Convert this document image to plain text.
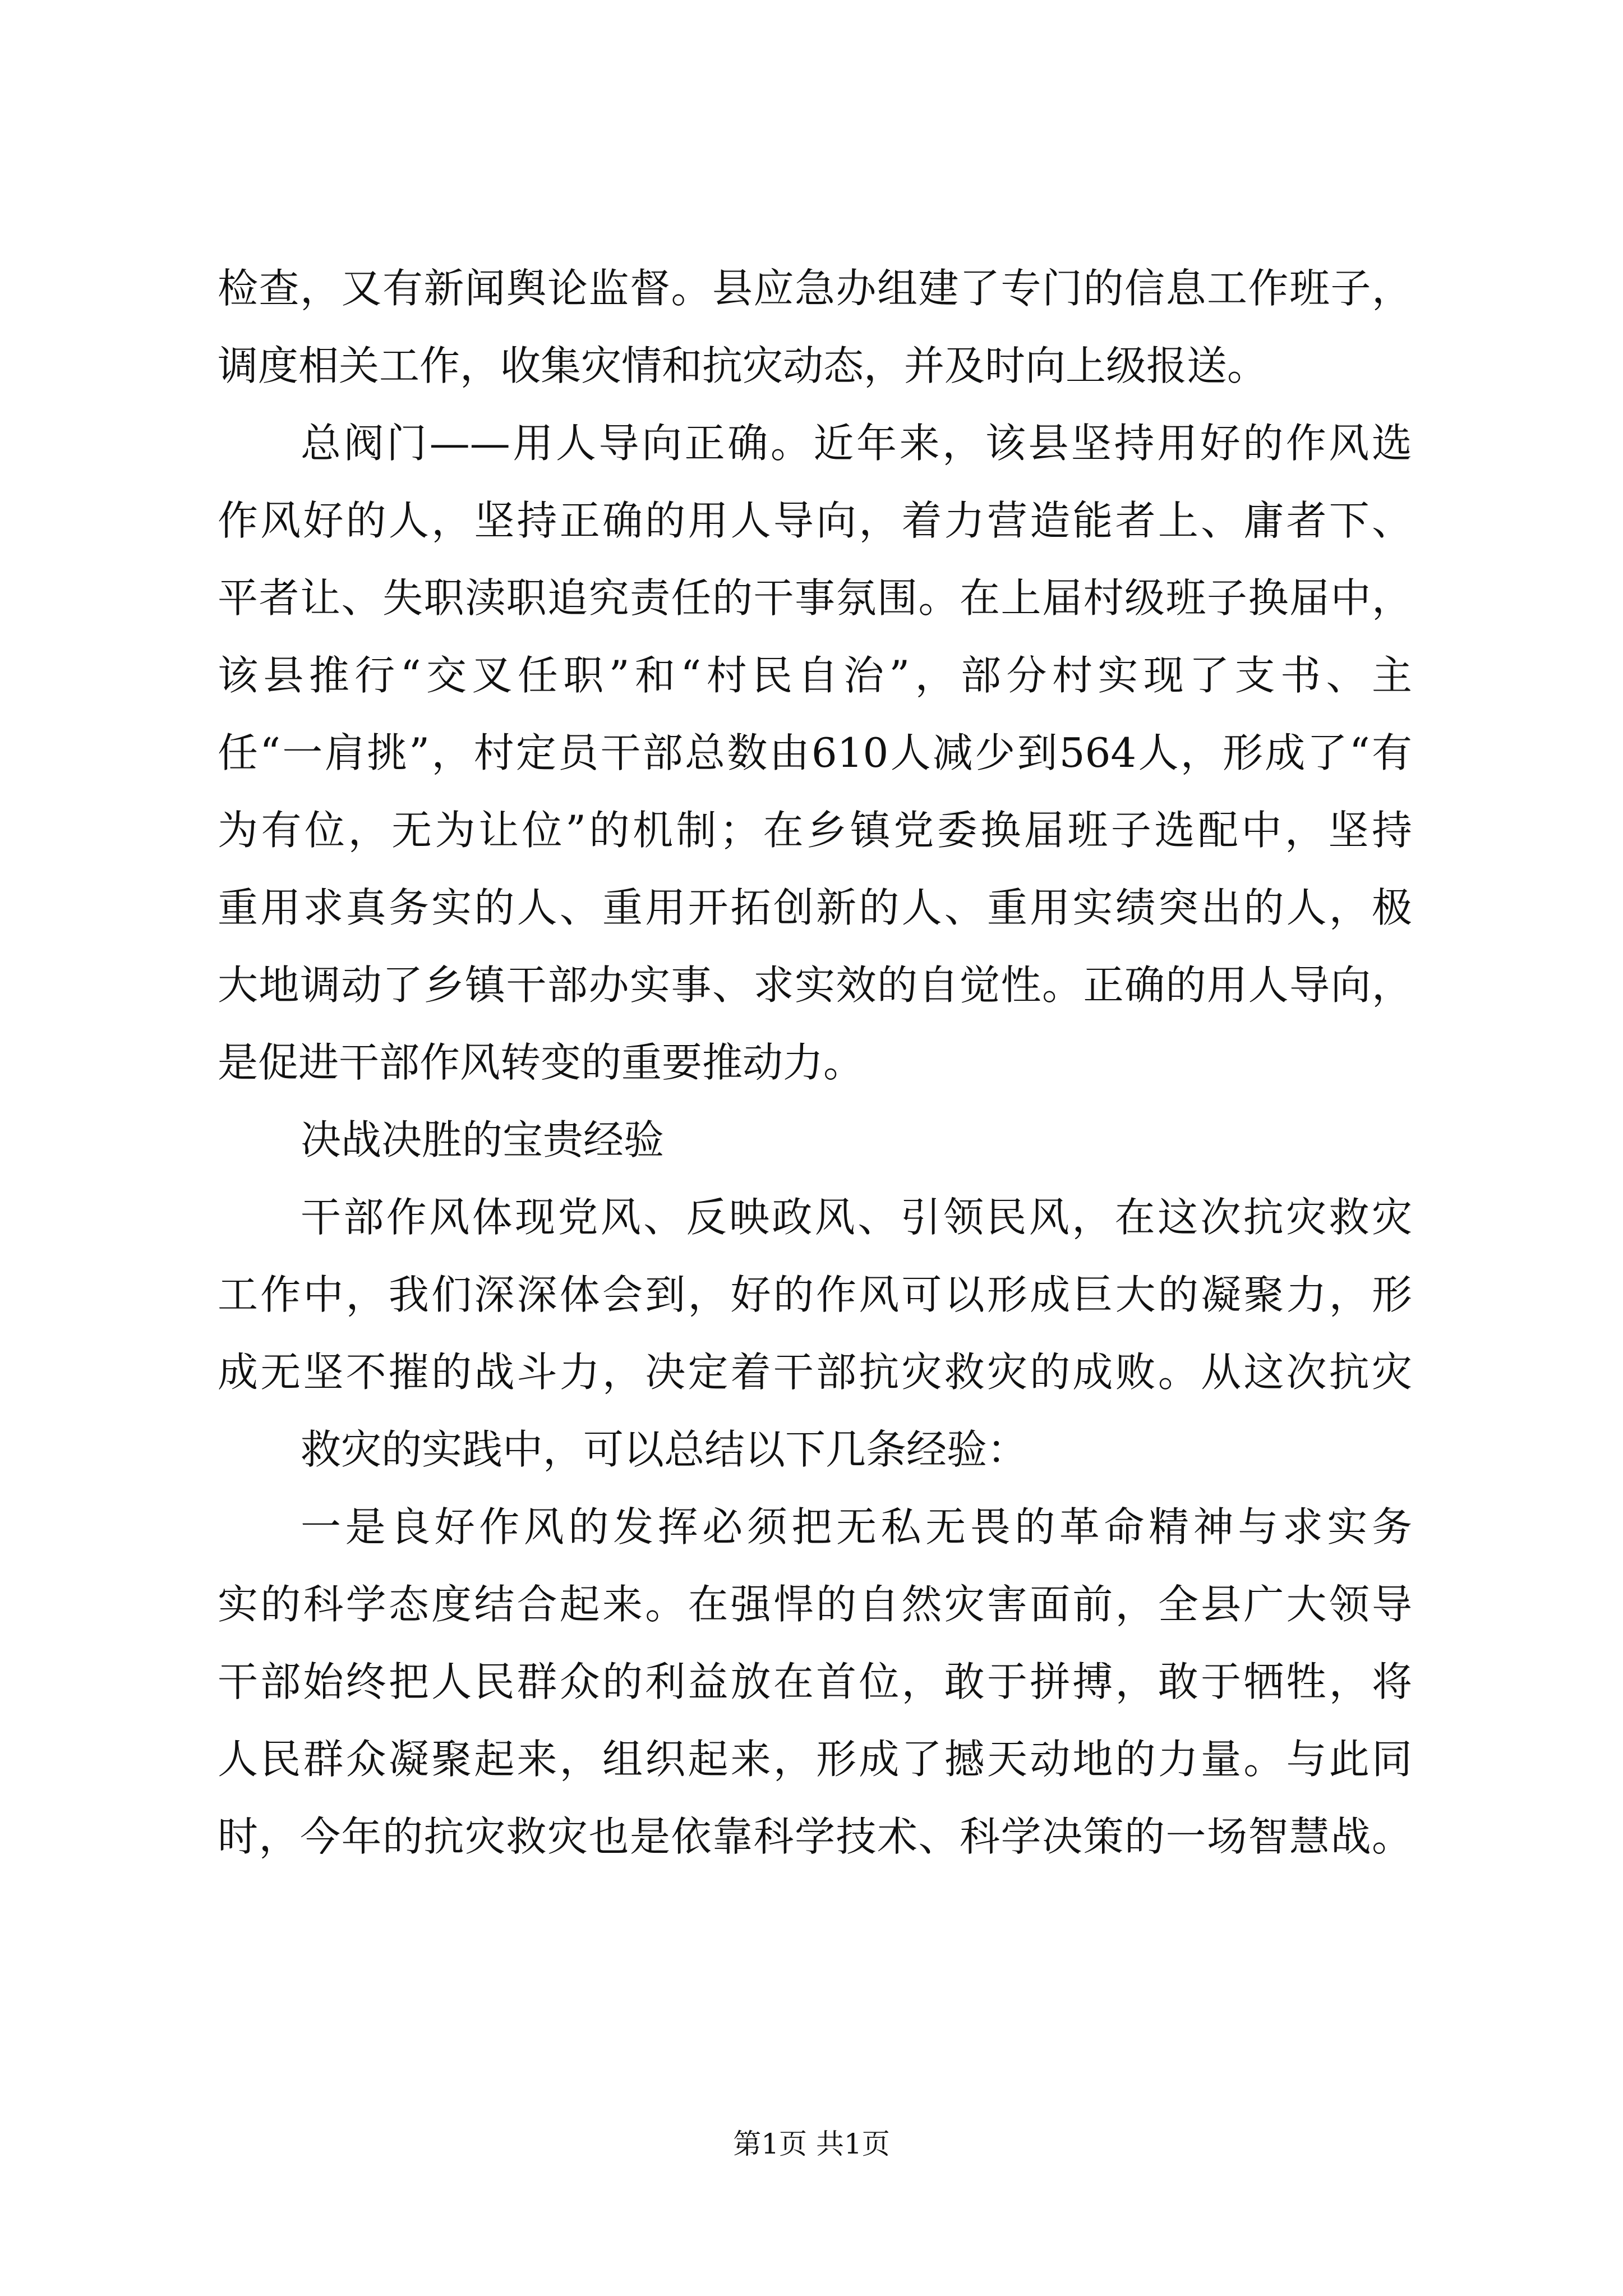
检查，又有新闻舆论监督。县应急办组建了专门的信息工作班子，
调度相关工作，收集灾情和抗灾动态，并及时向上级报送。
总阀门——用人导向正确。近年来，该县坚持用好的作风选
作风好的人，坚持正确的用人导向，着力营造能者上、庸者下、
平者让、失职渎职追究责任的干事氛围。在上届村级班子换届中，
该县推行“交叉任职”和“村民自治”，部分村实现了支书、主
任“一肩挑”，村定员干部总数由610人减少到564人，形成了“有
为有位，无为让位”的机制；在乡镇党委换届班子选配中，坚持
重用求真务实的人、重用开拓创新的人、重用实绩突出的人，极
大地调动了乡镇干部办实事、求实效的自觉性。正确的用人导向，
是促进干部作风转变的重要推动力。
决战决胜的宝贵经验
干部作风体现党风、反映政风、引领民风，在这次抗灾救灾
工作中，我们深深体会到，好的作风可以形成巨大的凝聚力，形
成无坚不摧的战斗力，决定着干部抗灾救灾的成败。从这次抗灾
救灾的实践中，可以总结以下几条经验：
一是良好作风的发挥必须把无私无畏的革命精神与求实务
实的科学态度结合起来。在强悍的自然灾害面前，全县广大领导
干部始终把人民群众的利益放在首位，敢于拼搏，敢于牺牲，将
人民群众凝聚起来，组织起来，形成了撼天动地的力量。与此同
时，今年的抗灾救灾也是依靠科学技术、科学决策的一场智慧战。
第1页 共1页
